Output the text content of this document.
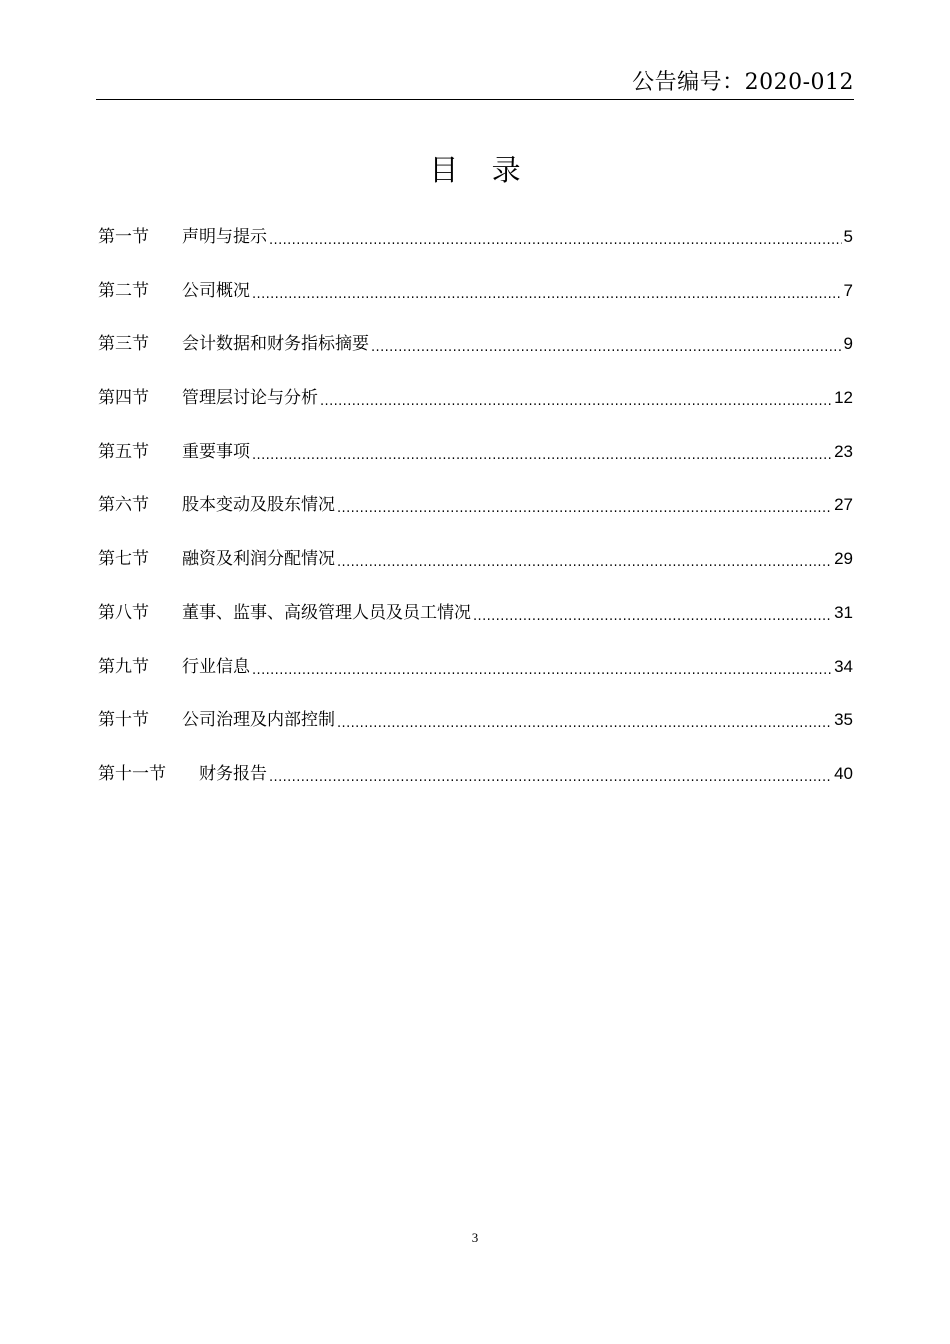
公告编号：2020-012
目 录
第一节	声明与提示 .....	5
第二节	公司概况 .....	7
第三节	会计数据和财务指标摘要 .....	9
第四节	管理层讨论与分析 .....	12
第五节	重要事项 .....	23
第六节	股本变动及股东情况 .....	27
第七节	融资及利润分配情况 .....	29
第八节	董事、监事、高级管理人员及员工情况 .....	31
第九节	行业信息 .....	34
第十节	公司治理及内部控制 .....	35
第十一节	财务报告 .....	40
3
